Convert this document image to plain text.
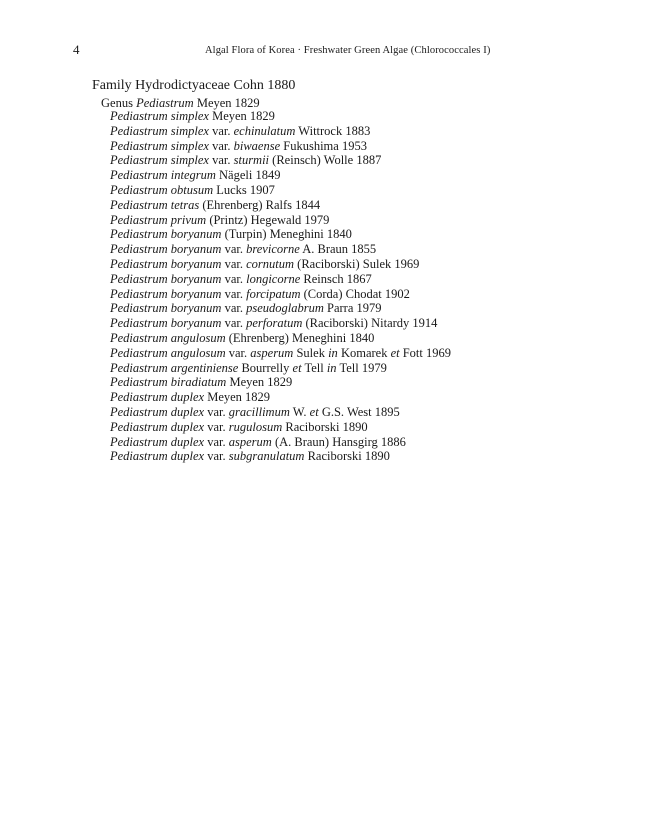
4	Algal Flora of Korea · Freshwater Green Algae (Chlorococcales I)
Family Hydrodictyaceae Cohn 1880
Genus Pediastrum Meyen 1829
Pediastrum simplex Meyen 1829
Pediastrum simplex var. echinulatum Wittrock 1883
Pediastrum simplex var. biwaense Fukushima 1953
Pediastrum simplex var. sturmii (Reinsch) Wolle 1887
Pediastrum integrum Nägeli 1849
Pediastrum obtusum Lucks 1907
Pediastrum tetras (Ehrenberg) Ralfs 1844
Pediastrum privum (Printz) Hegewald 1979
Pediastrum boryanum (Turpin) Meneghini 1840
Pediastrum boryanum var. brevicorne A. Braun 1855
Pediastrum boryanum var. cornutum (Raciborski) Sulek 1969
Pediastrum boryanum var. longicorne Reinsch 1867
Pediastrum boryanum var. forcipatum (Corda) Chodat 1902
Pediastrum boryanum var. pseudoglabrum Parra 1979
Pediastrum boryanum var. perforatum (Raciborski) Nitardy 1914
Pediastrum angulosum (Ehrenberg) Meneghini 1840
Pediastrum angulosum var. asperum Sulek in Komarek et Fott 1969
Pediastrum argentiniense Bourrelly et Tell in Tell 1979
Pediastrum biradiatum Meyen 1829
Pediastrum duplex Meyen 1829
Pediastrum duplex var. gracillimum W. et G.S. West 1895
Pediastrum duplex var. rugulosum Raciborski 1890
Pediastrum duplex var. asperum (A. Braun) Hansgirg 1886
Pediastrum duplex var. subgranulatum Raciborski 1890
